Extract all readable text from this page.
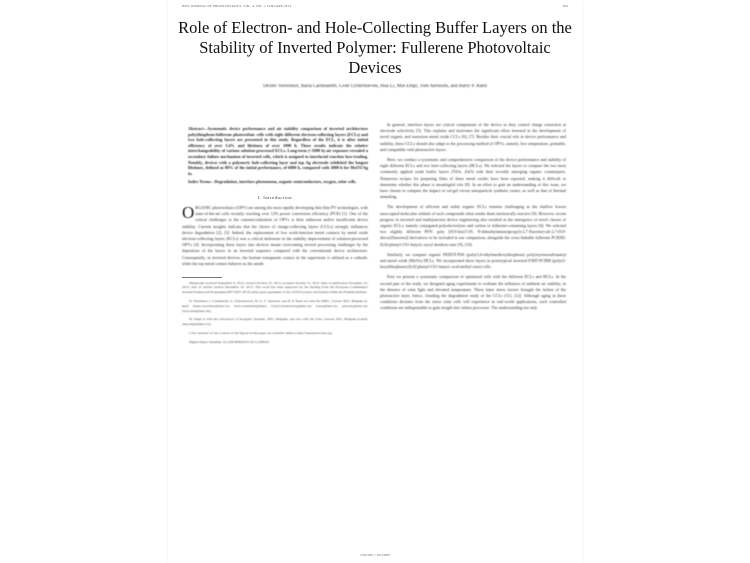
IEEE JOURNAL OF PHOTOVOLTAICS, VOL. 4, NO. 1, JANUARY 2014	369
Role of Electron- and Hole-Collecting Buffer Layers on the Stability of Inverted Polymer: Fullerene Photovoltaic Devices
Dexter Verreibezt, Barla Cardinaletti, Griet Uytterhoeven, Hua Li, Min Empl, Tom Aernouts, and Barry P. Rand
Abstract—Systematic device performance and air stability comparison of inverted architecture poly(thiophene:fullerene photovoltaic cells with eight different electron-collecting layers (ECLs) and two hole-collecting layers are presented in this study. Regardless of the ECL, it is after initial efficiency of over 3.4% and lifetimes of over 1000 h. These results indicate the relative interchangeability of various solution-processed ECLs. Long-term (>1000 h) air exposure revealed a secondary failure mechanism of inverted cells, which is assigned to interfacial reaction face-trading. Notably, devices with a polymeric hole-collecting layer and top Ag electrode exhibited the longest lifetimes, defined as 80% of the initial performance, of 6000 h, compared with 3000 h for MoO3/Ag in.
Index Terms—Degradation, interface phenomena, organic semiconductors, oxygen, solar cells.
I. Introduction
ORGANIC photovoltaics (OPV) are among the most rapidly developing thin-film PV technologies, with state-of-the-art cells recently reaching over 12% power conversion efficiency (PCE) [1]. One of the critical challenges to the commercialization of OPVs is their unknown and/or insufficient device stability. Current insights indicate that the choice of charge-collecting layers (CCLs) strongly influences device degradation [2], [3]. Indeed, the replacement of low work-function metal contacts by metal oxide electron-collecting layers (ECLs) was a critical milestone in the stability improvement of solution-processed OPVs [4]. Incorporating these layers into devices meant overcoming several processing challenges by the deposition of the layers in an inverted sequence compared with the conventional device architecture. Consequently, in inverted devices, the bottom transparent contact in the superstrate is utilized as a cathode, while the top metal contact behaves as the anode.
Manuscript received September 9, 2013; revised October 25, 2013; accepted October 31, 2013. Date of publication November 25, 2013; date of current version December 16, 2013. This work has been supported by the funding from the European Community's Seventh Framework Programme (FP7/2007-2013) under grant agreement of the LOTUS project and funded within the Flemish Institute.
D. Verreibezt, I. Cardinaletti, G. Uytterhoeven, H. Li, T. Aernouts, and B. P. Rand are with the IMEC, Leuven 3001, Belgium (e-mail: dexter.verreibezt@imec.be; barla.cardinaletti@imec; Griet.Uytterhoeven@imec.be; li.hua@imec.be; aernouts@imec.be; barry.rand@imec.be).
M. Empl is with the Laboratory of Inorganic Systems, 3001, Belgium, and also with the Univ. Leuven 3001, Belgium (e-mail: emp.empl@imec.be).
Color versions of one or more of the figures in this paper are available online at http://ieeexplore.ieee.org.
Digital Object Identifier 10.1109/JPHOTOV.2013.2289341
In general, interface layers are critical components of the device as they control charge extraction at electrode selectivity [5]. This explains and motivates the significant effort invested in the development of novel organic and transition metal oxide CCLs [6], [7]. Besides their crucial role in device performance and stability, these CCLs should also adapt to the processing method of OPVs, namely, low temperature, printable, and compatible with photoactive layers.
Here, we conduct a systematic and comprehensive comparison of the device performance and stability of eight different ECLs and two hole-collecting layers (HCLs). We selected the layers to compare the two most commonly applied oxide buffer layers (TiOx, ZnO) with their recently emerging organic counterparts. Numerous recipes for preparing films of these metal oxides have been reported, making it difficult to determine whether this phase is meaningful role [8]. In an effort to gain an understanding of this issue, we have chosen to compare the impact of sol-gel versus nanoparticle synthetic routes, as well as that of thermal annealing.
The development of efficient and stable organic ECLs remains challenging as the shallow lowest unoccupied molecular orbitals of such compounds often render them intrinsically reactive [9]. However, recent progress in inverted and multijunction device engineering also resulted in the emergence of novel classes of organic ECLs, namely conjugated polyelectrolytes and carbon or fullerene-containing layers [6]. We selected two slightly different PFN: poly [(9,9-bis(3'-(N, N-dimethylamino)propyl)-2,7-fluorene)-alt-2,7-(9,9-dioctylfluorene)] derivatives to be included in our comparison, alongside the cross-linkable fullerene PCBSD: [6,6]-phenyl-C61-butyric styryl dendron ester [9], [10].
Similarly, we compare organic PEDOT:PSS (poly(3,4-ethylenedioxythiophene) poly(styrenesulfonate)) and metal oxide (MoOx) HCLs. We incorporated these layers in prototypical inverted P3HT:PCBM (poly(3-hexylthiophene):[6,6]-phenyl-C61-butyric acid methyl ester) cells.
First we present a systematic comparison of optimized cells with the different ECLs and HCLs. In the second part of the study, we designed aging experiments to evaluate the influence of ambient air stability, in the absence of solar light and elevated temperature. These latter stress factors brought the failure of the photoactive layer, hence, clouding the degradation study of the CCLs [11], [12]. Although aging in these conditions deviates from the stress solar cells will experience in real-world applications, such controlled conditions are indispensable to gain insight into failure processes. The understanding not only
2156-3381 © 2013 IEEE
